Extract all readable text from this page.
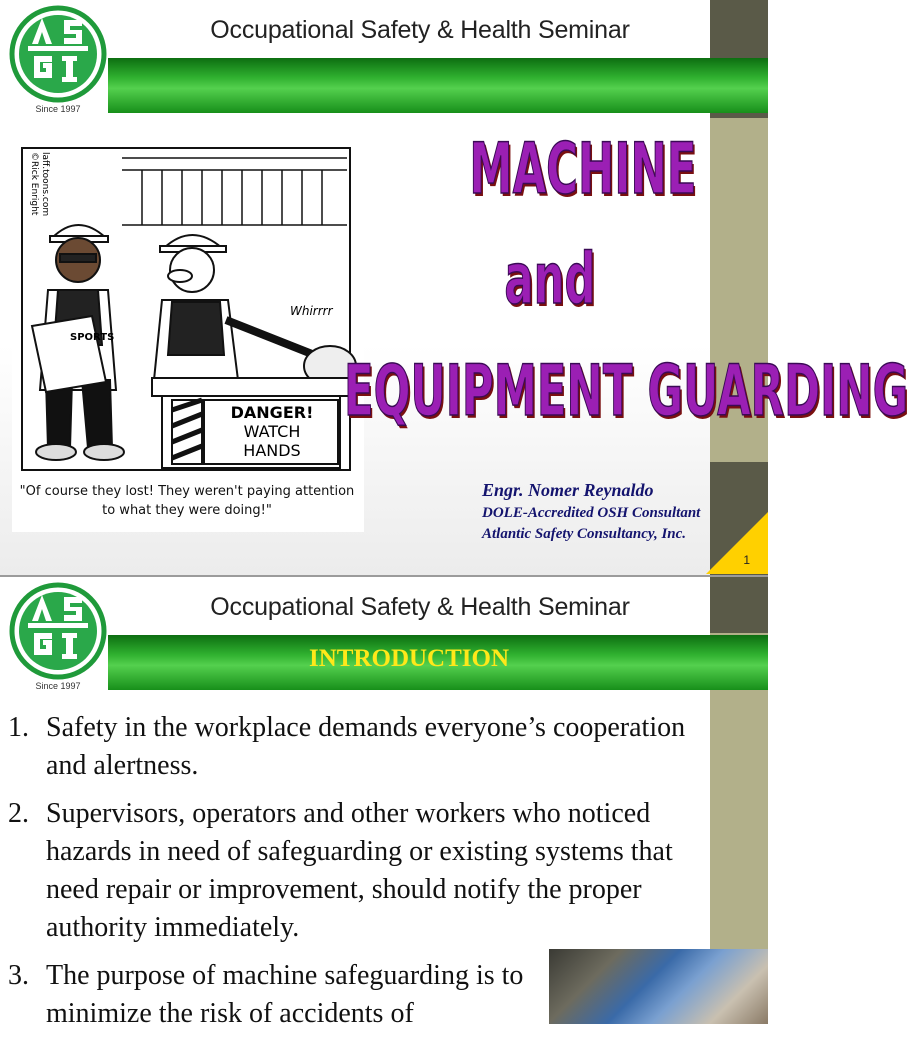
Occupational Safety & Health Seminar
Since 1997
SPORTS
DANGER!
WATCH
HANDS
Whirrrr
©Rick Enright laff.toons.com
"Of course they lost! They weren't paying attention to what they were doing!"
MACHINE
and
EQUIPMENT GUARDING
Engr. Nomer Reynaldo
DOLE-Accredited OSH Consultant
Atlantic Safety Consultancy, Inc.
1
Occupational Safety & Health Seminar
INTRODUCTION
Since 1997
1. Safety in the workplace demands everyone’s cooperation and alertness.
2. Supervisors, operators and other workers who noticed hazards in need of safeguarding or existing systems that need repair or improvement, should notify the proper authority immediately.
3. The purpose of machine safeguarding is to minimize the risk of accidents of
